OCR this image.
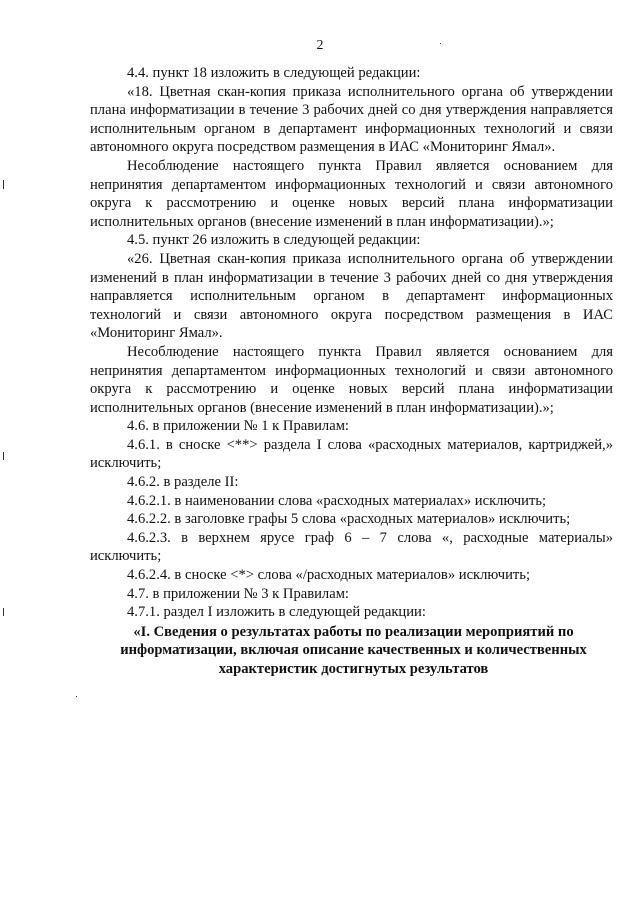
2

4.4. пункт 18 изложить в следующей редакции:

«18. Цветная скан-копия приказа исполнительного органа об утверждении плана информатизации в течение 3 рабочих дней со дня утверждения направляется исполнительным органом в департамент информационных технологий и связи автономного округа посредством размещения в ИАС «Мониторинг Ямал».

Несоблюдение настоящего пункта Правил является основанием для непринятия департаментом информационных технологий и связи автономного округа к рассмотрению и оценке новых версий плана информатизации исполнительных органов (внесение изменений в план информатизации).»;

4.5. пункт 26 изложить в следующей редакции:

«26. Цветная скан-копия приказа исполнительного органа об утверждении изменений в план информатизации в течение 3 рабочих дней со дня утверждения направляется исполнительным органом в департамент информационных технологий и связи автономного округа посредством размещения в ИАС «Мониторинг Ямал».

Несоблюдение настоящего пункта Правил является основанием для непринятия департаментом информационных технологий и связи автономного округа к рассмотрению и оценке новых версий плана информатизации исполнительных органов (внесение изменений в план информатизации).»;

4.6. в приложении № 1 к Правилам:

4.6.1. в сноске <**> раздела I слова «расходных материалов, картриджей,» исключить;

4.6.2. в разделе II:

4.6.2.1. в наименовании слова «расходных материалах» исключить;

4.6.2.2. в заголовке графы 5 слова «расходных материалов» исключить;

4.6.2.3. в верхнем ярусе граф 6 – 7 слова «, расходные материалы» исключить;

4.6.2.4. в сноске <*> слова «/расходных материалов» исключить;

4.7. в приложении № 3 к Правилам:

4.7.1. раздел I изложить в следующей редакции:

«I. Сведения о результатах работы по реализации мероприятий по информатизации, включая описание качественных и количественных характеристик достигнутых результатов
